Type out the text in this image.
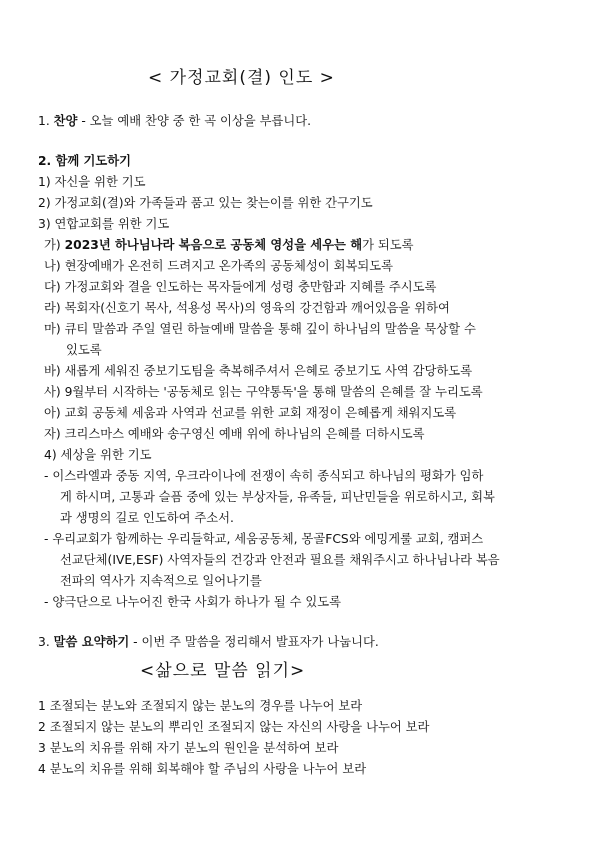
< 가정교회(결) 인도 >
1. 찬양 - 오늘 예배 찬양 중 한 곡 이상을 부릅니다.
2. 함께 기도하기
1) 자신을 위한 기도
2) 가정교회(결)와 가족들과 품고 있는 찾는이를 위한 간구기도
3) 연합교회를 위한 기도
가) 2023년 하나님나라 복음으로 공동체 영성을 세우는 해가 되도록
나) 현장예배가 온전히 드려지고 온가족의 공동체성이 회복되도록
다) 가정교회와 결을 인도하는 목자들에게 성령 충만함과 지혜를 주시도록
라) 목회자(신호기 목사, 석용성 목사)의 영육의 강건함과 깨어있음을 위하여
마) 큐티 말씀과 주일 열린 하늘예배 말씀을 통해 깊이 하나님의 말씀을 묵상할 수
있도록
바) 새롭게 세워진 중보기도팀을 축복해주셔서 은혜로 중보기도 사역 감당하도록
사) 9월부터 시작하는 '공동체로 읽는 구약통독'을 통해 말씀의 은혜를 잘 누리도록
아) 교회 공동체 세움과 사역과 선교를 위한 교회 재정이 은혜롭게 채워지도록
자) 크리스마스 예배와 송구영신 예배 위에 하나님의 은혜를 더하시도록
4) 세상을 위한 기도
- 이스라엘과 중동 지역, 우크라이나에 전쟁이 속히 종식되고 하나님의 평화가 임하
게 하시며, 고통과 슬픔 중에 있는 부상자들, 유족들, 피난민들을 위로하시고, 회복
과 생명의 길로 인도하여 주소서.
- 우리교회가 함께하는 우리들학교, 세움공동체, 몽골FCS와 에밍게룰 교회, 캠퍼스
선교단체(IVE,ESF) 사역자들의 건강과 안전과 필요를 채워주시고 하나님나라 복음
전파의 역사가 지속적으로 일어나기를
- 양극단으로 나누어진 한국 사회가 하나가 될 수 있도록
3. 말씀 요약하기 - 이번 주 말씀을 정리해서 발표자가 나눕니다.
<삶으로 말씀 읽기>
1 조절되는 분노와 조절되지 않는 분노의 경우를 나누어 보라
2 조절되지 않는 분노의 뿌리인 조절되지 않는 자신의 사랑을 나누어 보라
3 분노의 치유를 위해 자기 분노의 원인을 분석하여 보라
4 분노의 치유를 위해 회복해야 할 주님의 사랑을 나누어 보라
